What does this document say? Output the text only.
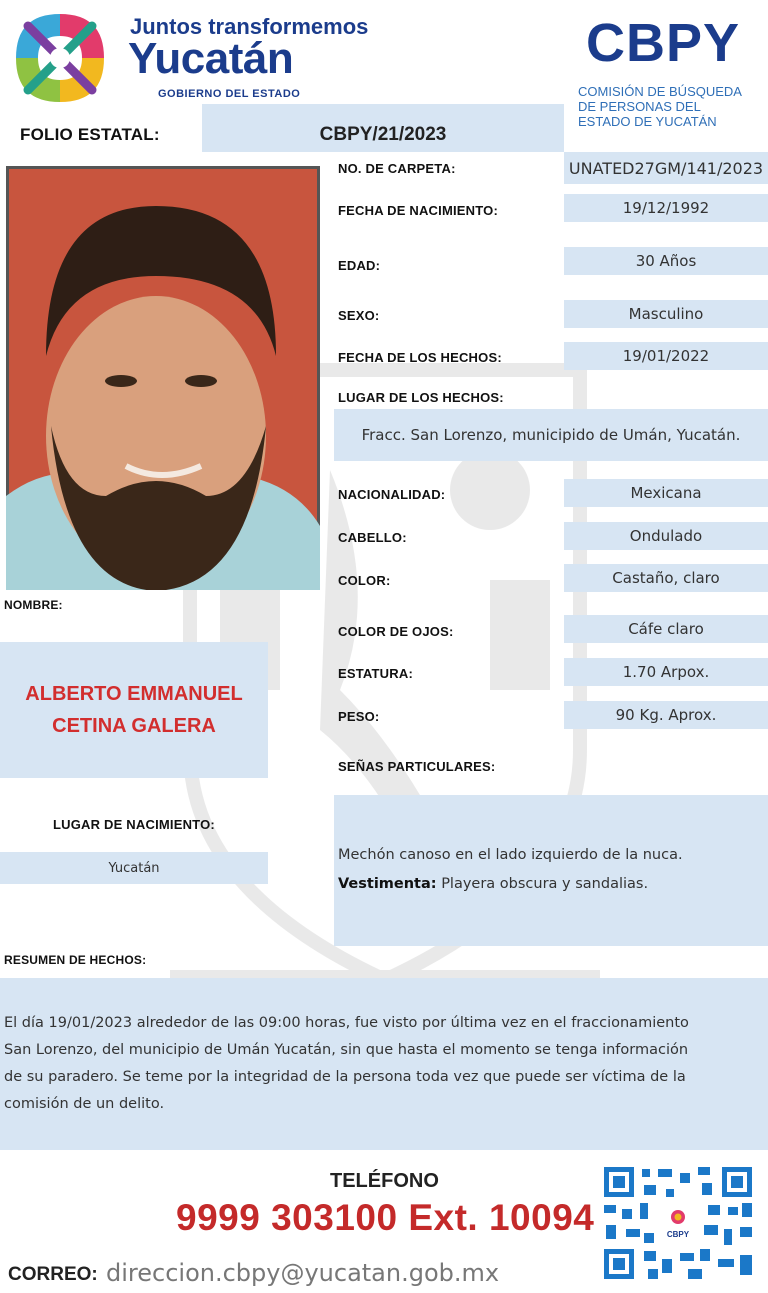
Juntos transformemos
Yucatán
GOBIERNO DEL ESTADO
CBPY
COMISIÓN DE BÚSQUEDA
DE PERSONAS DEL
ESTADO DE YUCATÁN
FOLIO ESTATAL:	CBPY/21/2023
NO. DE CARPETA:	UNATED27GM/141/2023
FECHA DE NACIMIENTO:	19/12/1992
EDAD:	30 Años
SEXO:	Masculino
FECHA DE LOS HECHOS:	19/01/2022
LUGAR DE LOS HECHOS:
Fracc. San Lorenzo, municipido de Umán, Yucatán.
NACIONALIDAD:	Mexicana
CABELLO:	Ondulado
COLOR:	Castaño, claro
COLOR DE OJOS:	Cáfe claro
ESTATURA:	1.70 Arpox.
PESO:	90 Kg. Aprox.
SEÑAS PARTICULARES:
Mechón canoso en el lado izquierdo de la nuca.
Vestimenta: Playera obscura y sandalias.
NOMBRE:
ALBERTO EMMANUEL
CETINA GALERA
LUGAR DE NACIMIENTO:
Yucatán
RESUMEN DE HECHOS:
El día 19/01/2023 alrededor de las 09:00 horas, fue visto por última vez en el fraccionamiento
San Lorenzo, del municipio de Umán Yucatán, sin que hasta el momento se tenga información
de su paradero. Se teme por la integridad de la persona toda vez que puede ser víctima de la
comisión de un delito.
TELÉFONO
9999 303100 Ext. 10094
CORREO: direccion.cbpy@yucatan.gob.mx
CBPY
